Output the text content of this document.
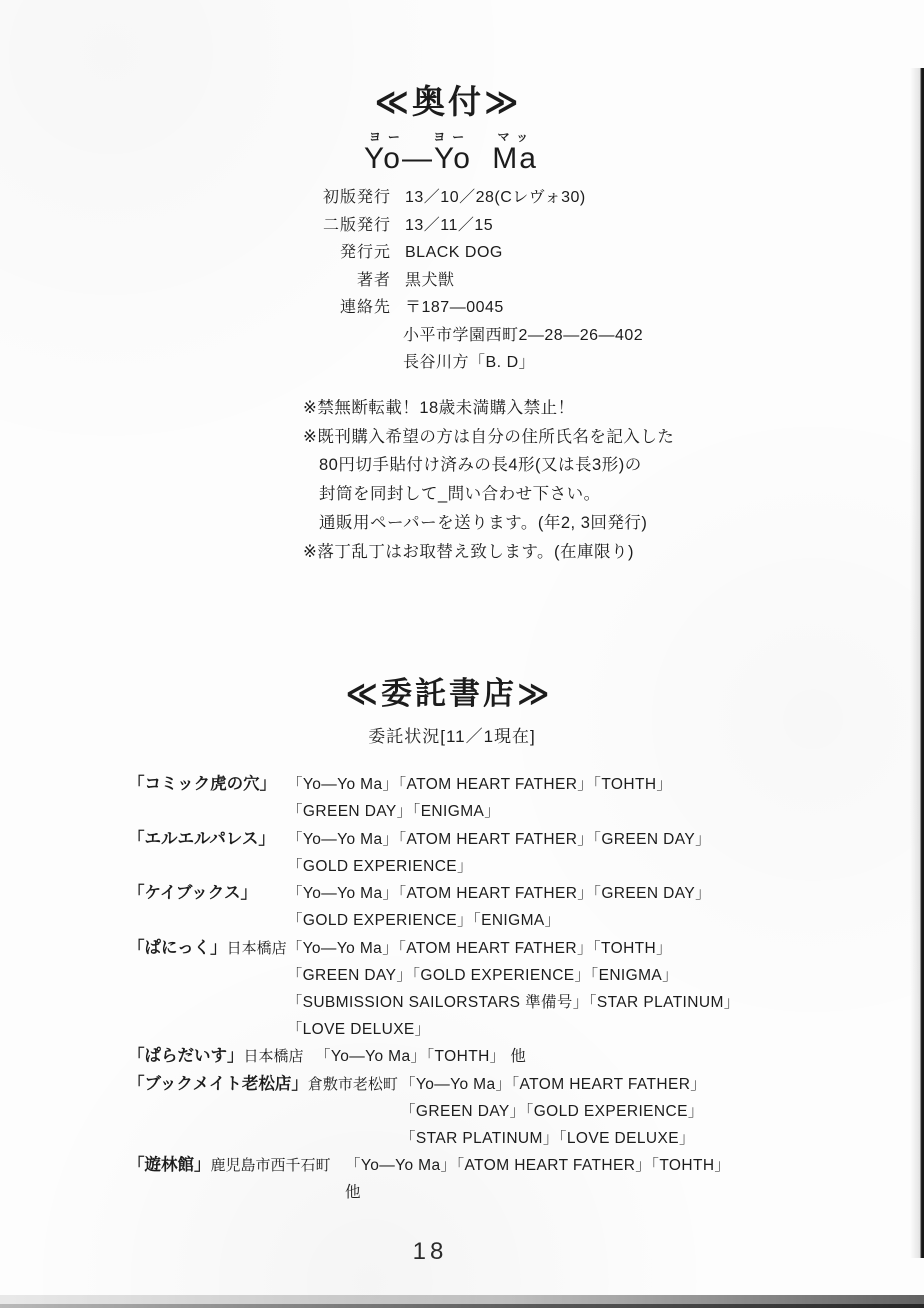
≪奥付≫
ヨー ヨー マッ
Yo—Yo Ma
初版発行 13／10／28(Cレヴォ30)
二版発行 13／11／15
発行元 BLACK DOG
著者 黒犬獣
連絡先 〒187—0045
小平市学園西町2—28—26—402
長谷川方「B. D」
※禁無断転載！18歳未満購入禁止！
※既刊購入希望の方は自分の住所氏名を記入した
80円切手貼付け済みの長4形(又は長3形)の
封筒を同封して_問い合わせ下さい。
通販用ペーパーを送ります。(年2, 3回発行)
※落丁乱丁はお取替え致します。(在庫限り)
≪委託書店≫
委託状況[11／1現在]
「コミック虎の穴」 「Yo—Yo Ma」「ATOM HEART FATHER」「TOHTH」
「GREEN DAY」「ENIGMA」
「エルエルパレス」 「Yo—Yo Ma」「ATOM HEART FATHER」「GREEN DAY」
「GOLD EXPERIENCE」
「ケイブックス」	「Yo—Yo Ma」「ATOM HEART FATHER」「GREEN DAY」
「GOLD EXPERIENCE」「ENIGMA」
「ぱにっく」日本橋店 「Yo—Yo Ma」「ATOM HEART FATHER」「TOHTH」
「GREEN DAY」「GOLD EXPERIENCE」「ENIGMA」
「SUBMISSION SAILORSTARS 準備号」「STAR PLATINUM」
「LOVE DELUXE」
「ぱらだいす」日本橋店 「Yo—Yo Ma」「TOHTH」 他
「ブックメイト老松店」倉敷市老松町 「Yo—Yo Ma」「ATOM HEART FATHER」
「GREEN DAY」「GOLD EXPERIENCE」
「STAR PLATINUM」「LOVE DELUXE」
「遊林館」鹿児島市西千石町 「Yo—Yo Ma」「ATOM HEART FATHER」「TOHTH」
他
18
